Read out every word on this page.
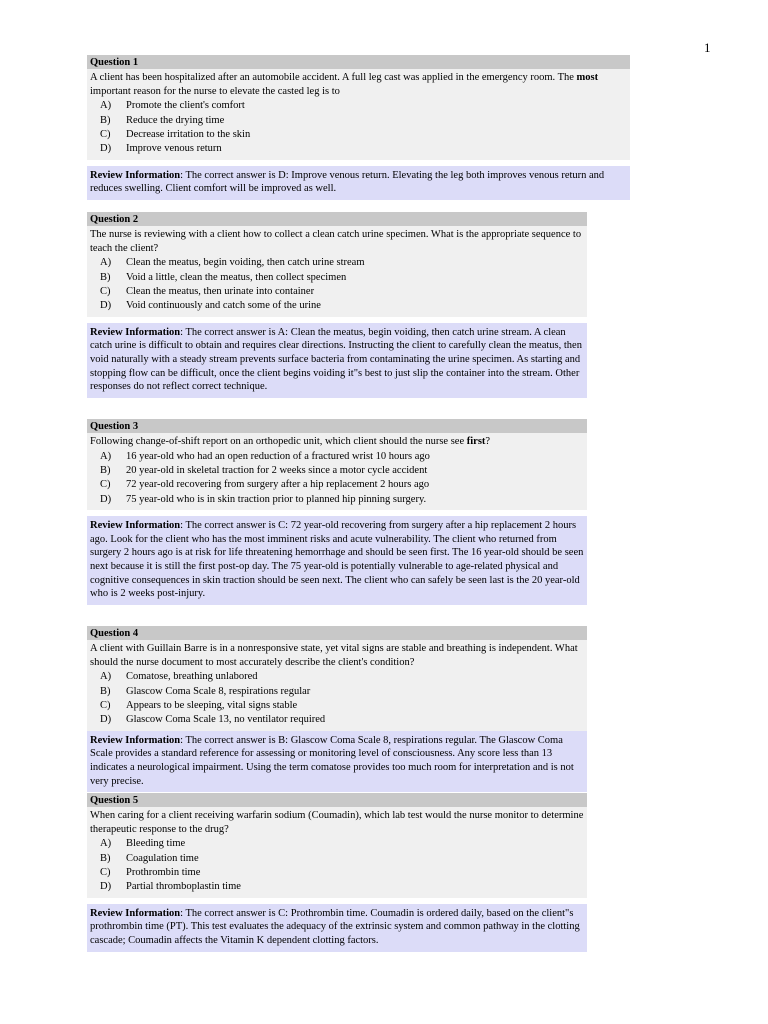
1
Question 1
A client has been hospitalized after an automobile accident. A full leg cast was applied in the emergency room. The most important reason for the nurse to elevate the casted leg is to
A)	Promote the client's comfort
B)	Reduce the drying time
C)	Decrease irritation to the skin
D)	Improve venous return
Review Information: The correct answer is D: Improve venous return. Elevating the leg both improves venous return and reduces swelling. Client comfort will be improved as well.
Question 2
The nurse is reviewing with a client how to collect a clean catch urine specimen. What is the appropriate sequence to teach the client?
A)	Clean the meatus, begin voiding, then catch urine stream
B)	Void a little, clean the meatus, then collect specimen
C)	Clean the meatus, then urinate into container
D)	Void continuously and catch some of the urine
Review Information: The correct answer is A: Clean the meatus, begin voiding, then catch urine stream. A clean catch urine is difficult to obtain and requires clear directions. Instructing the client to carefully clean the meatus, then void naturally with a steady stream prevents surface bacteria from contaminating the urine specimen. As starting and stopping flow can be difficult, once the client begins voiding it"s best to just slip the container into the stream. Other responses do not reflect correct technique.
Question 3
Following change-of-shift report on an orthopedic unit, which client should the nurse see first?
A)	16 year-old who had an open reduction of a fractured wrist 10 hours ago
B)	20 year-old in skeletal traction for 2 weeks since a motor cycle accident
C)	72 year-old recovering from surgery after a hip replacement 2 hours ago
D)	75 year-old who is in skin traction prior to planned hip pinning surgery.
Review Information: The correct answer is C: 72 year-old recovering from surgery after a hip replacement 2 hours ago. Look for the client who has the most imminent risks and acute vulnerability. The client who returned from surgery 2 hours ago is at risk for life threatening hemorrhage and should be seen first. The 16 year-old should be seen next because it is still the first post-op day. The 75 year-old is potentially vulnerable to age-related physical and cognitive consequences in skin traction should be seen next. The client who can safely be seen last is the 20 year-old who is 2 weeks post-injury.
Question 4
A client with Guillain Barre is in a nonresponsive state, yet vital signs are stable and breathing is independent. What should the nurse document to most accurately describe the client's condition?
A)	Comatose, breathing unlabored
B)	Glascow Coma Scale 8, respirations regular
C)	Appears to be sleeping, vital signs stable
D)	Glascow Coma Scale 13, no ventilator required
Review Information: The correct answer is B: Glascow Coma Scale 8, respirations regular. The Glascow Coma Scale provides a standard reference for assessing or monitoring level of consciousness. Any score less than 13 indicates a neurological impairment. Using the term comatose provides too much room for interpretation and is not very precise.
Question 5
When caring for a client receiving warfarin sodium (Coumadin), which lab test would the nurse monitor to determine therapeutic response to the drug?
A)	Bleeding time
B)	Coagulation time
C)	Prothrombin time
D)	Partial thromboplastin time
Review Information: The correct answer is C: Prothrombin time. Coumadin is ordered daily, based on the client"s prothrombin time (PT). This test evaluates the adequacy of the extrinsic system and common pathway in the clotting cascade; Coumadin affects the Vitamin K dependent clotting factors.
